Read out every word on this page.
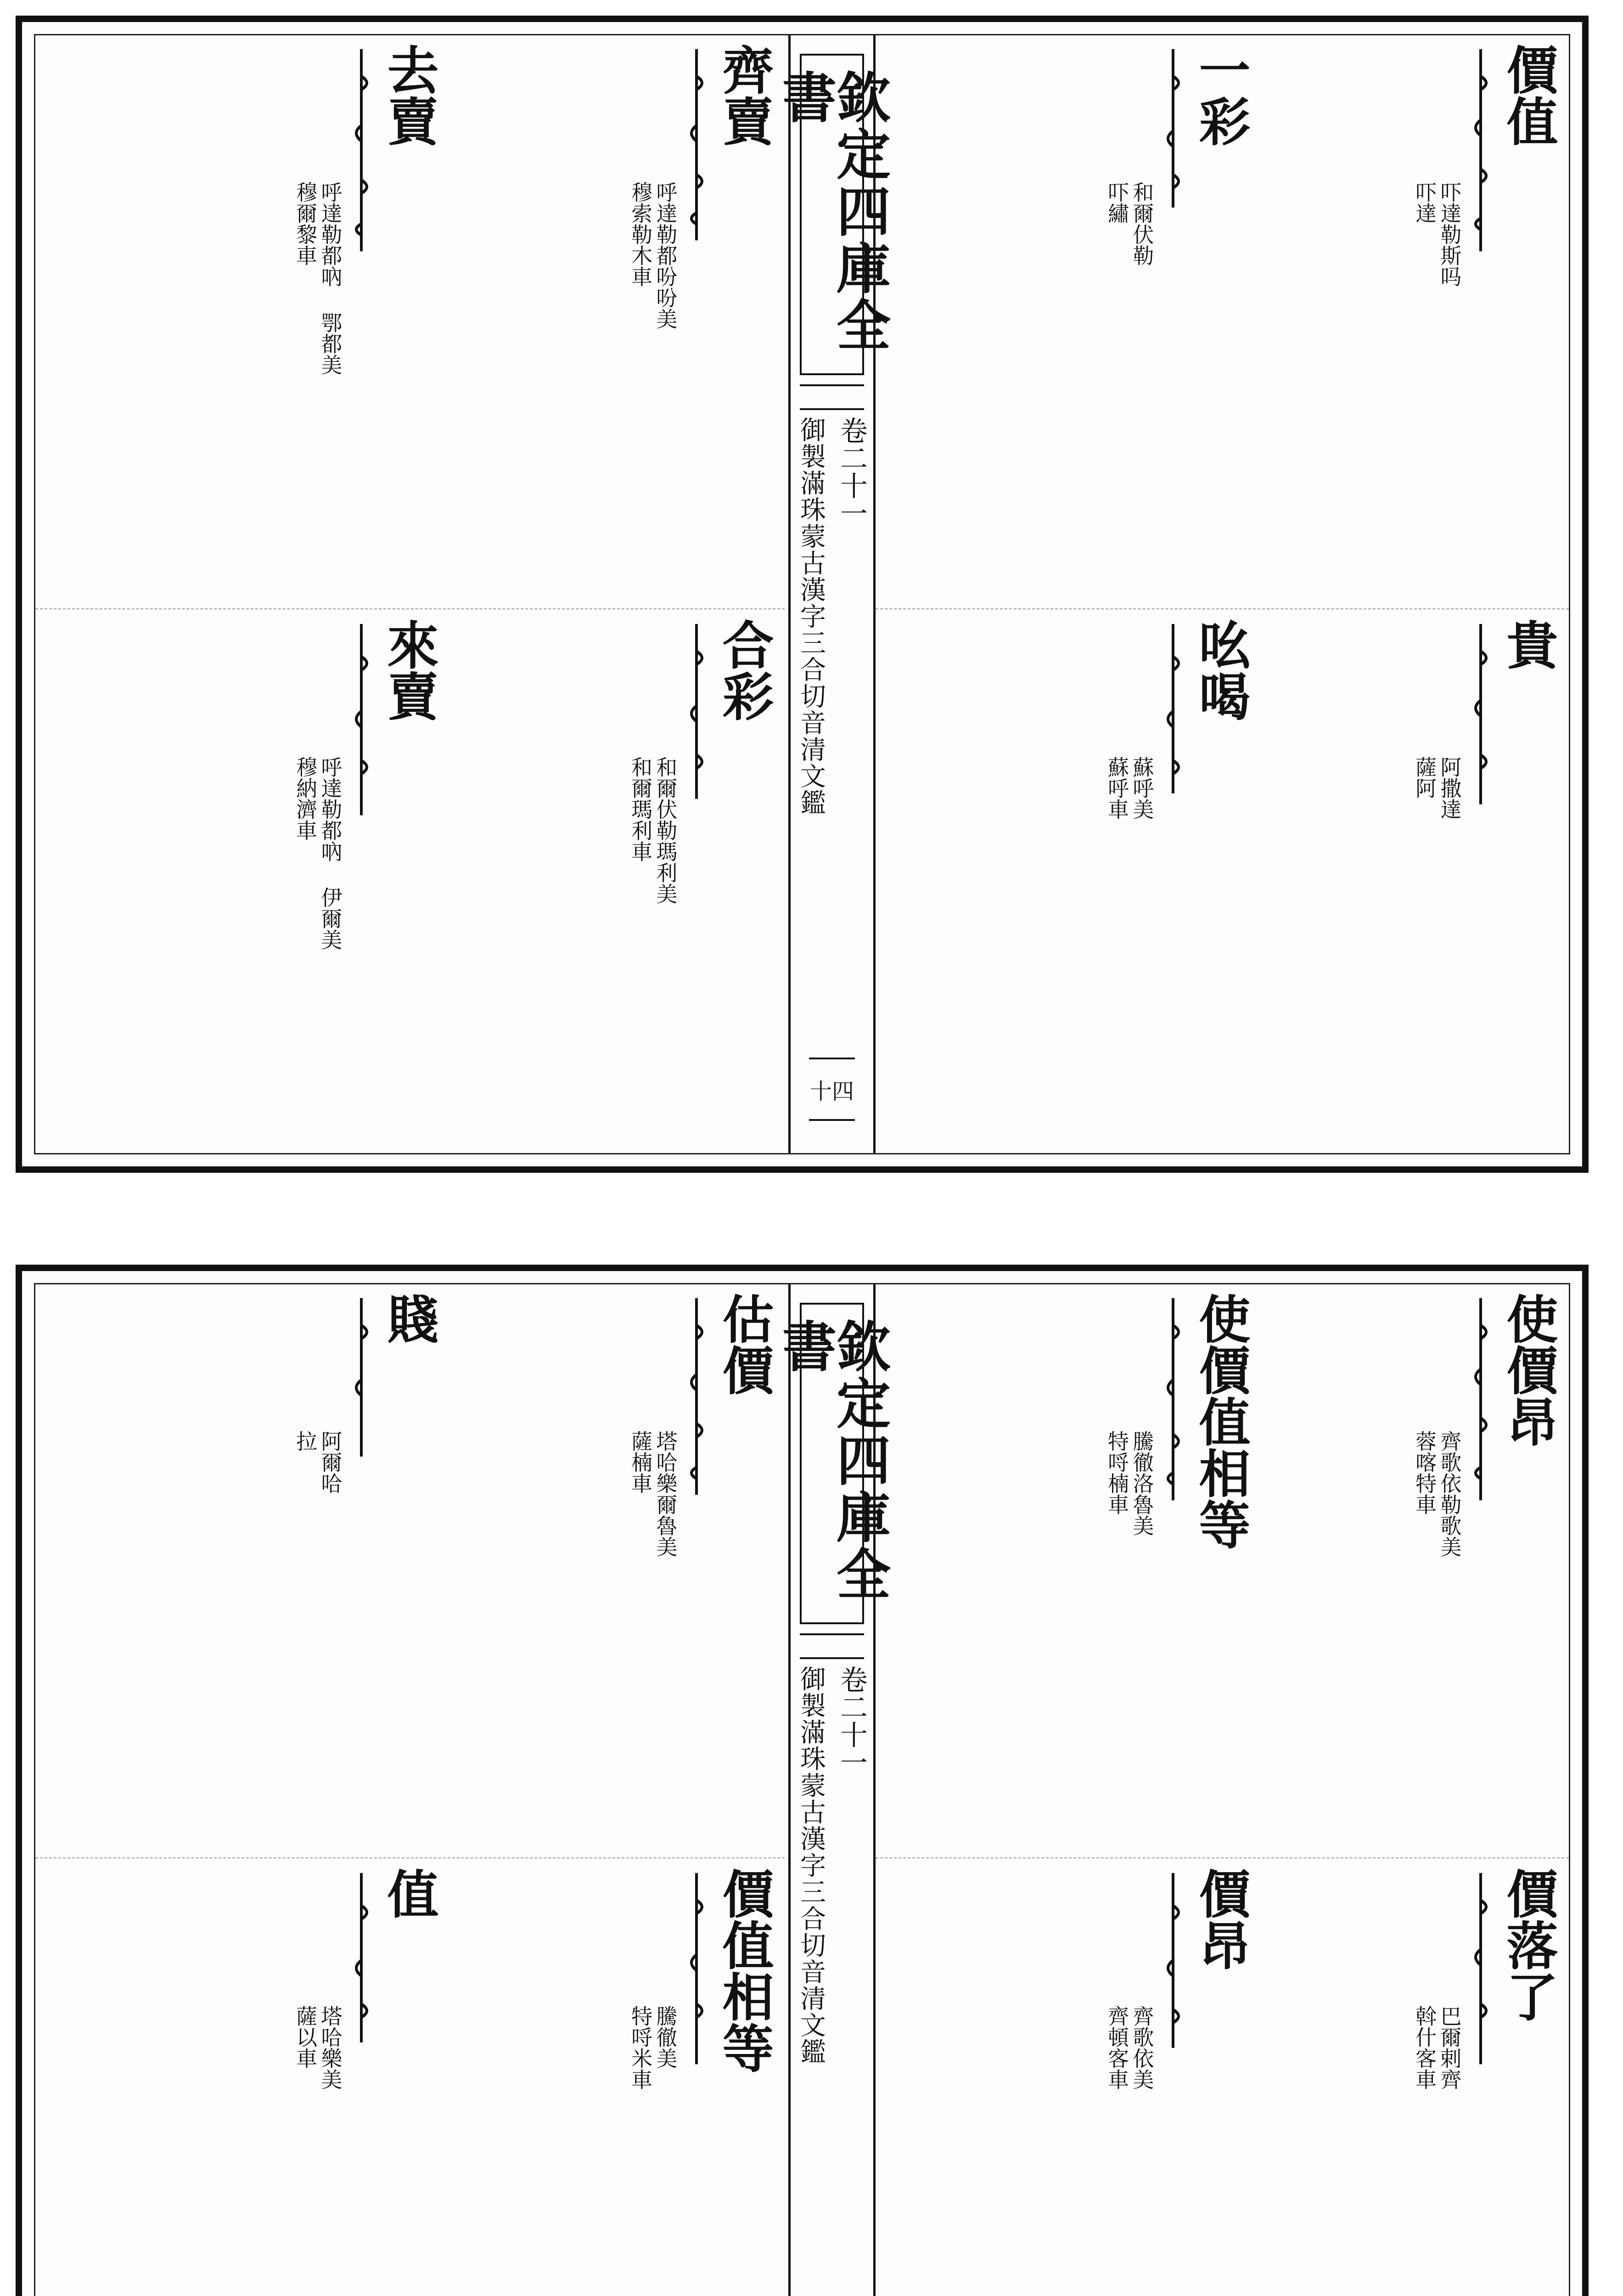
價值
吓達勒斯吗
吓達
貴
阿撒達
薩阿
一彩
和爾伏勒
吓繡
吆喝
蘇呼美
蘇呼車
欽定四庫全書
卷二十一
御製滿珠蒙古漢字三合切音清文鑑
十四
齊賣
呼達勒都吩吩美
穆索勒木車
合彩
和爾伏勒瑪利美
和爾瑪利車
去賣
呼達勒都吶 鄂都美
穆爾黎車
來賣
呼達勒都吶 伊爾美
穆納濟車
使價昂
齊歌依勒歌美
蓉喀特車
價落了
巴爾剌齊
斡什客車
使價值相等
騰徹洛魯美
特哷楠車
價昂
齊歌依美
齊頓客車
欽定四庫全書
卷二十一
御製滿珠蒙古漢字三合切音清文鑑
估價
塔哈樂爾魯美
薩楠車
價值相等
騰徹美
特哷米車
賤
阿爾哈
拉
值
塔哈樂美
薩以車
